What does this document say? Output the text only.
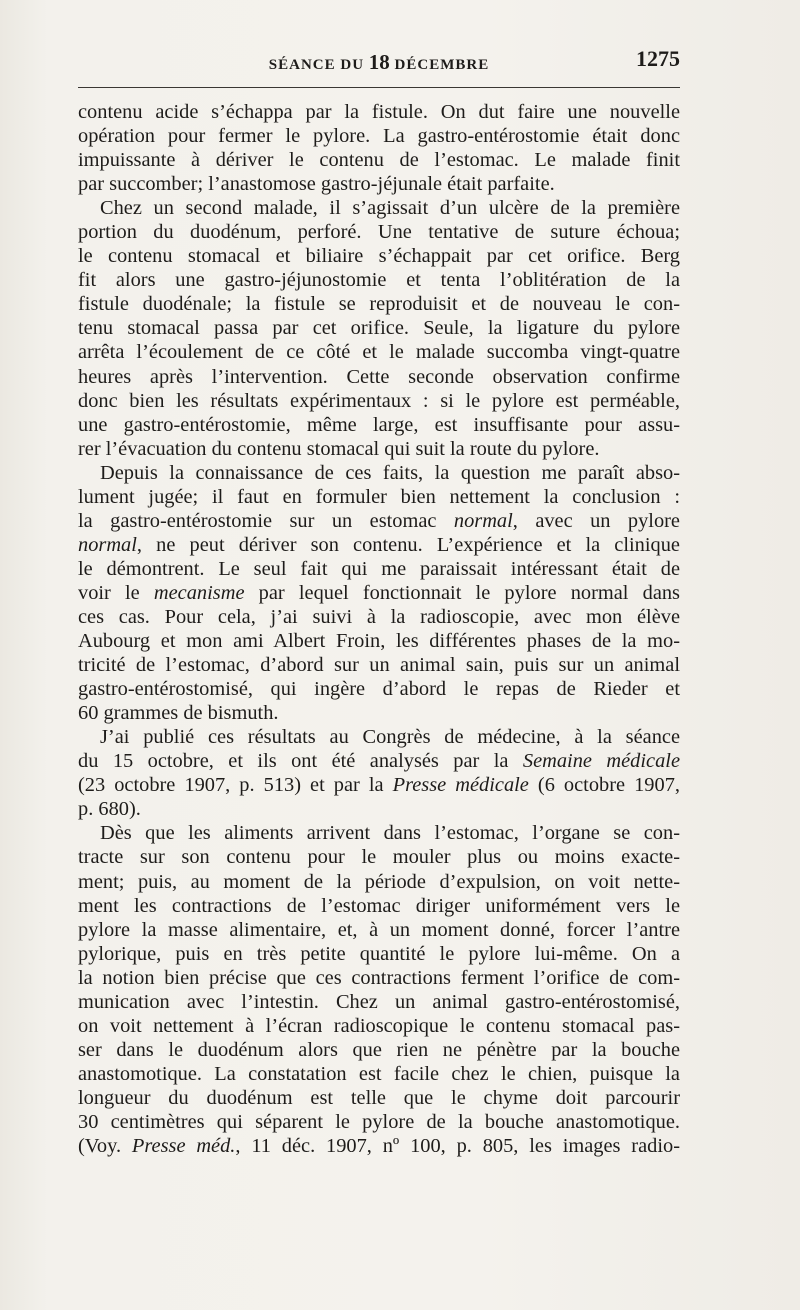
SÉANCE DU 18 DÉCEMBRE	1275
contenu acide s’échappa par la fistule. On dut faire une nouvelle
opération pour fermer le pylore. La gastro-entérostomie était donc
impuissante à dériver le contenu de l’estomac. Le malade finit
par succomber; l’anastomose gastro-jéjunale était parfaite.
Chez un second malade, il s’agissait d’un ulcère de la première
portion du duodénum, perforé. Une tentative de suture échoua;
le contenu stomacal et biliaire s’échappait par cet orifice. Berg
fit alors une gastro-jéjunostomie et tenta l’oblitération de la
fistule duodénale; la fistule se reproduisit et de nouveau le con-
tenu stomacal passa par cet orifice. Seule, la ligature du pylore
arrêta l’écoulement de ce côté et le malade succomba vingt-quatre
heures après l’intervention. Cette seconde observation confirme
donc bien les résultats expérimentaux : si le pylore est perméable,
une gastro-entérostomie, même large, est insuffisante pour assu-
rer l’évacuation du contenu stomacal qui suit la route du pylore.
Depuis la connaissance de ces faits, la question me paraît abso-
lument jugée; il faut en formuler bien nettement la conclusion :
la gastro-entérostomie sur un estomac normal, avec un pylore
normal, ne peut dériver son contenu. L’expérience et la clinique
le démontrent. Le seul fait qui me paraissait intéressant était de
voir le mecanisme par lequel fonctionnait le pylore normal dans
ces cas. Pour cela, j’ai suivi à la radioscopie, avec mon élève
Aubourg et mon ami Albert Froin, les différentes phases de la mo-
tricité de l’estomac, d’abord sur un animal sain, puis sur un animal
gastro-entérostomisé, qui ingère d’abord le repas de Rieder et
60 grammes de bismuth.
J’ai publié ces résultats au Congrès de médecine, à la séance
du 15 octobre, et ils ont été analysés par la Semaine médicale
(23 octobre 1907, p. 513) et par la Presse médicale (6 octobre 1907,
p. 680).
Dès que les aliments arrivent dans l’estomac, l’organe se con-
tracte sur son contenu pour le mouler plus ou moins exacte-
ment; puis, au moment de la période d’expulsion, on voit nette-
ment les contractions de l’estomac diriger uniformément vers le
pylore la masse alimentaire, et, à un moment donné, forcer l’antre
pylorique, puis en très petite quantité le pylore lui-même. On a
la notion bien précise que ces contractions ferment l’orifice de com-
munication avec l’intestin. Chez un animal gastro-entérostomisé,
on voit nettement à l’écran radioscopique le contenu stomacal pas-
ser dans le duodénum alors que rien ne pénètre par la bouche
anastomotique. La constatation est facile chez le chien, puisque la
longueur du duodénum est telle que le chyme doit parcourir
30 centimètres qui séparent le pylore de la bouche anastomotique.
(Voy. Presse méd., 11 déc. 1907, nº 100, p. 805, les images radio-
